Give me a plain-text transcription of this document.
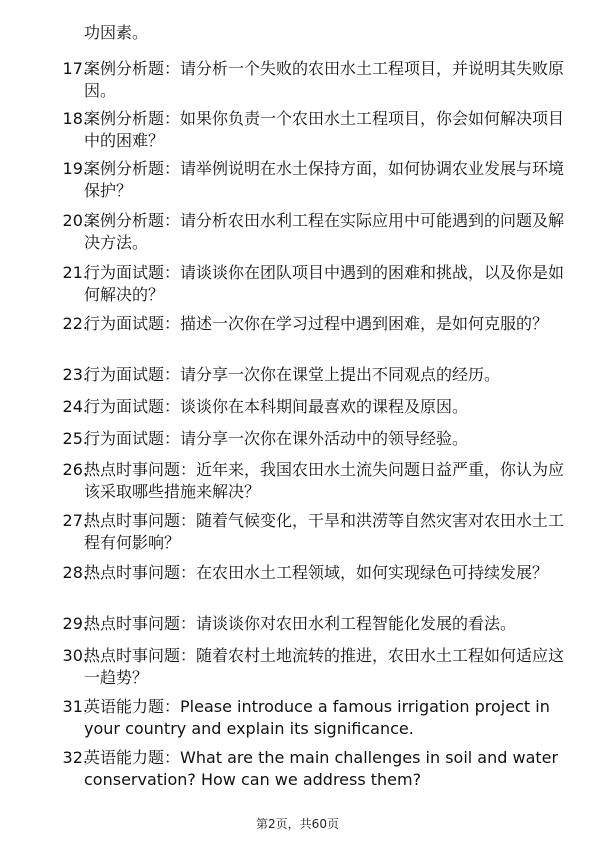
功因素。
17.
案例分析题：请分析一个失败的农田水土工程项目，并说明其失败原因。
18.
案例分析题：如果你负责一个农田水土工程项目，你会如何解决项目中的困难？
19.
案例分析题：请举例说明在水土保持方面，如何协调农业发展与环境保护？
20.
案例分析题：请分析农田水利工程在实际应用中可能遇到的问题及解决方法。
21.
行为面试题：请谈谈你在团队项目中遇到的困难和挑战，以及你是如何解决的？
22.
行为面试题：描述一次你在学习过程中遇到困难，是如何克服的？
23.
行为面试题：请分享一次你在课堂上提出不同观点的经历。
24.
行为面试题：谈谈你在本科期间最喜欢的课程及原因。
25.
行为面试题：请分享一次你在课外活动中的领导经验。
26.
热点时事问题：近年来，我国农田水土流失问题日益严重，你认为应该采取哪些措施来解决？
27.
热点时事问题：随着气候变化，干旱和洪涝等自然灾害对农田水土工程有何影响？
28.
热点时事问题：在农田水土工程领域，如何实现绿色可持续发展？
29.
热点时事问题：请谈谈你对农田水利工程智能化发展的看法。
30.
热点时事问题：随着农村土地流转的推进，农田水土工程如何适应这一趋势？
31.
英语能力题：Please introduce a famous irrigation project in your country and explain its significance.
32.
英语能力题：What are the main challenges in soil and water conservation? How can we address them?
第2页，共60页
